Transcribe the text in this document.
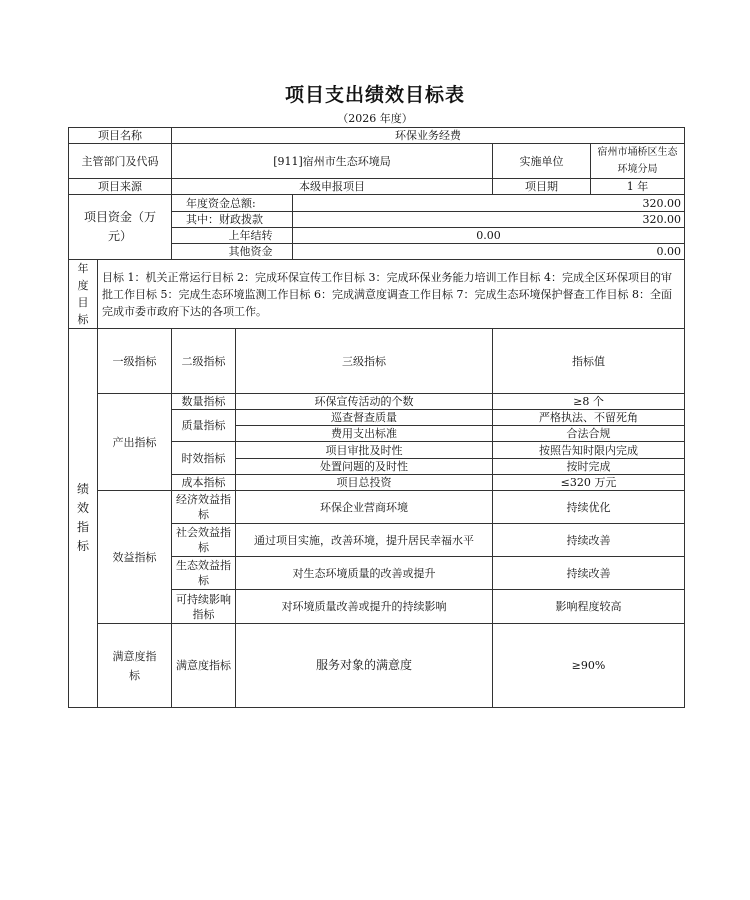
项目支出绩效目标表
（2026 年度）
项目名称		环保业务经费				
主管部门及代码		[911]宿州市生态环境局			实施单位	宿州市埇桥区生态环境分局
项目来源		本级申报项目			项目期	1 年
项目资金（万元）		年度资金总额:		320.00		
		其中：财政拨款		320.00		
		上年结转		0.00		
		其他资金		0.00		
年度目标	目标 1：机关正常运行目标 2：完成环保宣传工作目标 3：完成环保业务能力培训工作目标 4：完成全区环保项目的审批工作目标 5：完成生态环境监测工作目标 6：完成满意度调查工作目标 7：完成生态环境保护督查工作目标 8：全面完成市委市政府下达的各项工作。					
绩效指标	一级指标	二级指标	三级指标		指标值	
	产出指标	数量指标	环保宣传活动的个数		≥8 个	
		质量指标	巡查督查质量		严格执法、不留死角	
			费用支出标准		合法合规	
		时效指标	项目审批及时性		按照告知时限内完成	
			处置问题的及时性		按时完成	
		成本指标	项目总投资		≤320 万元	
	效益指标	经济效益指标	环保企业营商环境		持续优化	
		社会效益指标	通过项目实施，改善环境，提升居民幸福水平		持续改善	
		生态效益指标	对生态环境质量的改善或提升		持续改善	
		可持续影响指标	对环境质量改善或提升的持续影响		影响程度较高	
	满意度指标	满意度指标	服务对象的满意度		≥90%	
